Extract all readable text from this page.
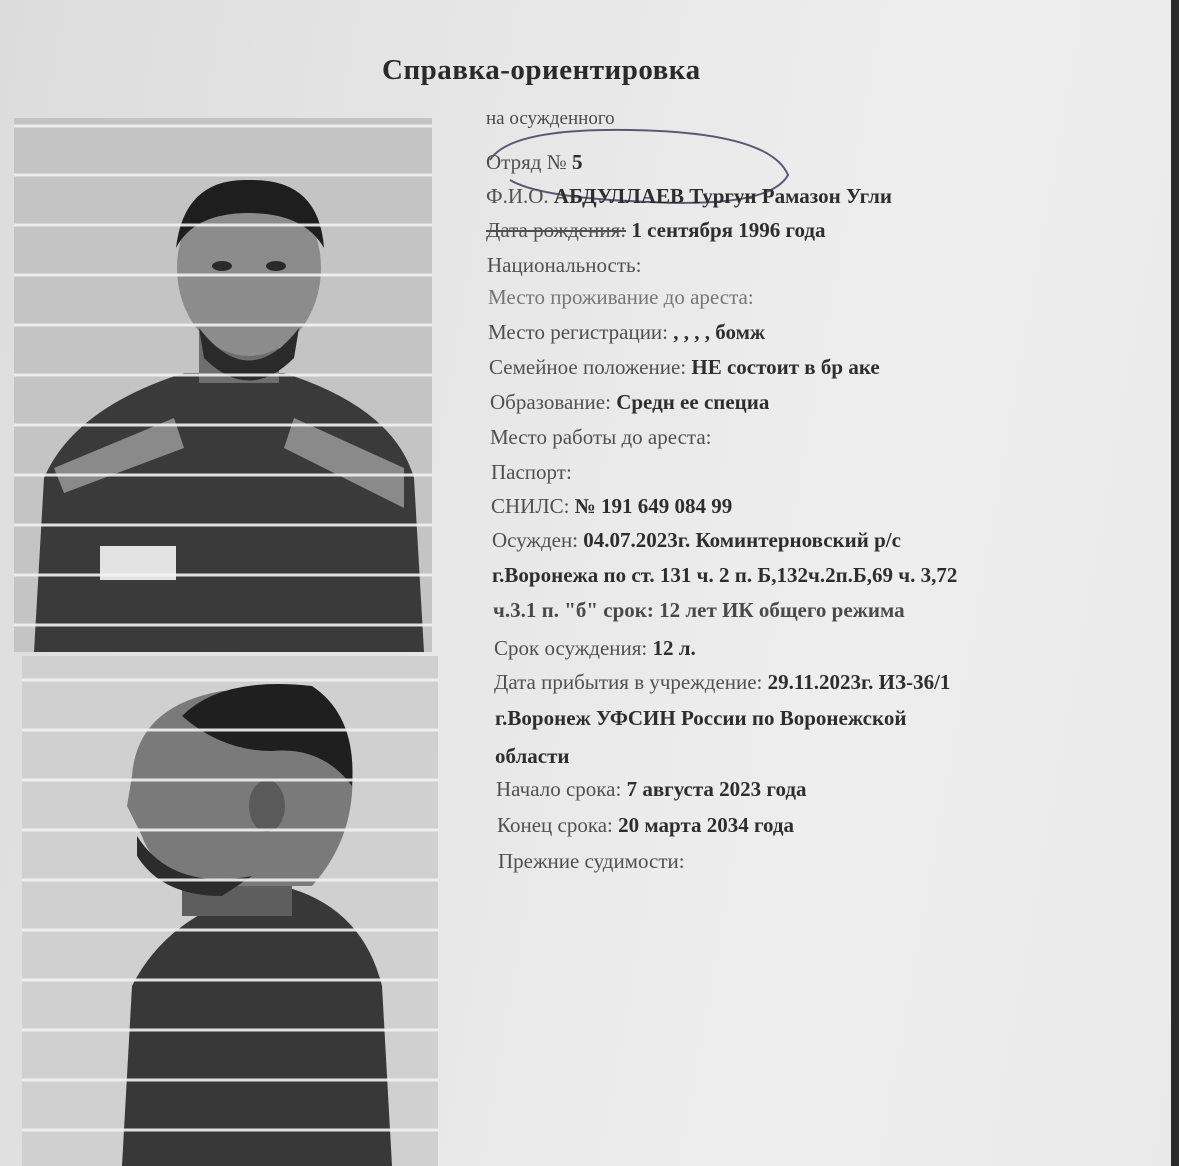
Справка-ориентировка
на осужденного
Отряд № 5
Ф.И.О. АБДУЛЛАЕВ Тургун Рамазон Угли
Дата рождения: 1 сентября 1996 года
Национальность:
Место проживание до ареста:
Место регистрации: , , , , бомж
Семейное положение: НЕ состоит в бр аке
Образование: Средн ее специа
Место работы до ареста:
Паспорт:
СНИЛС: № 191 649 084 99
Осужден: 04.07.2023г. Коминтерновский р/с
г.Воронежа по ст. 131 ч. 2 п. Б,132ч.2п.Б,69 ч. 3,72
ч.3.1 п. "б" срок: 12 лет ИК общего режима
Срок осуждения: 12 л.
Дата прибытия в учреждение: 29.11.2023г. ИЗ-36/1
г.Воронеж УФСИН России по Воронежской
области
Начало срока: 7 августа 2023 года
Конец срока: 20 марта 2034 года
Прежние судимости:
